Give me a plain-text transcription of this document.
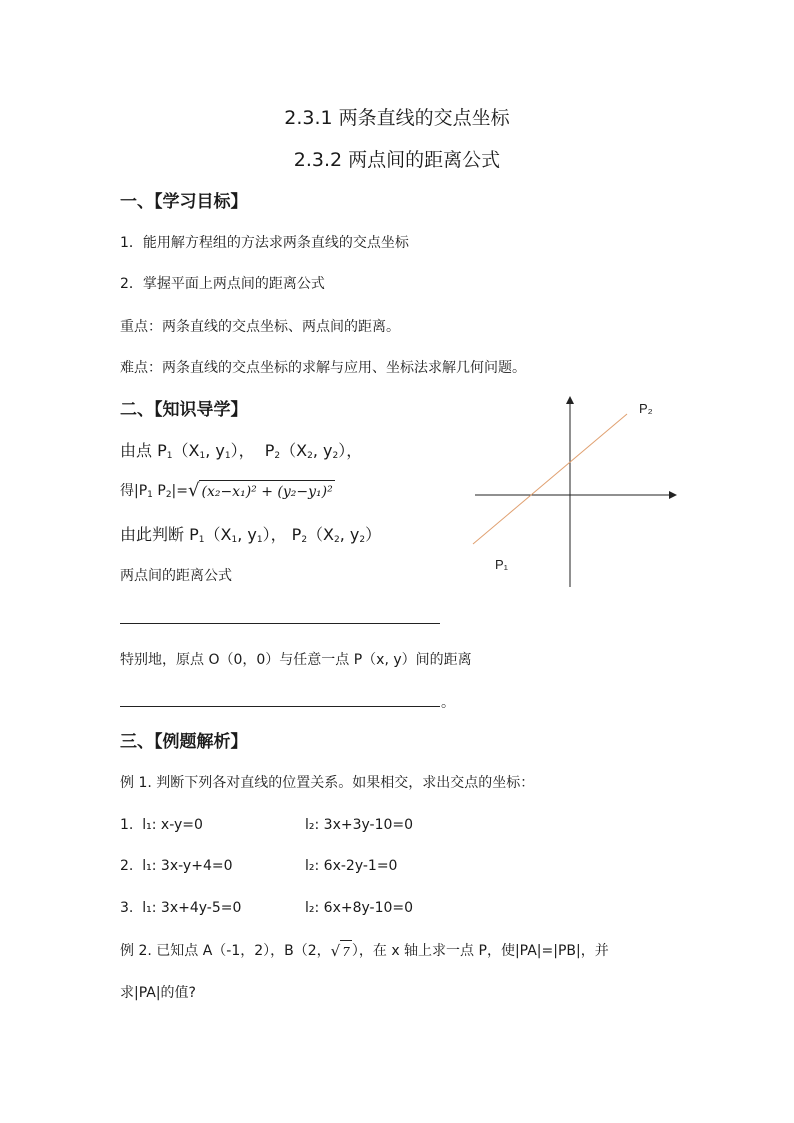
2.3.1 两条直线的交点坐标
2.3.2 两点间的距离公式
一、【学习目标】
1．能用解方程组的方法求两条直线的交点坐标
2．掌握平面上两点间的距离公式
重点：两条直线的交点坐标、两点间的距离。
难点：两条直线的交点坐标的求解与应用、坐标法求解几何问题。
二、【知识导学】
由点 $P_1(X_1$, $y_1$）， $P_2(X_2$, $y_2$），
得$|P_1$ $P_2|=√$ (x₂−x₁)² + (y₂−y₁)²
由此判断 $P_1(X_1$, $y_1$）， $P_2(X_2$, $y_2$）
两点间的距离公式
特别地，原点 O（0，0）与任意一点 P（x, y）间的距离
。
P₂
P₁
三、【例题解析】
例 1. 判断下列各对直线的位置关系。如果相交，求出交点的坐标：
1. l₁: x-y=0	l₂: 3x+3y-10=0
2. l₁: 3x-y+4=0	l₂: 6x-2y-1=0
3. l₁: 3x+4y-5=0	l₂: 6x+8y-10=0
例 2. 已知点 A（-1，2），B（2，√ 7 ），在 x 轴上求一点 P，使|PA|=|PB|，并
求|PA|的值?
